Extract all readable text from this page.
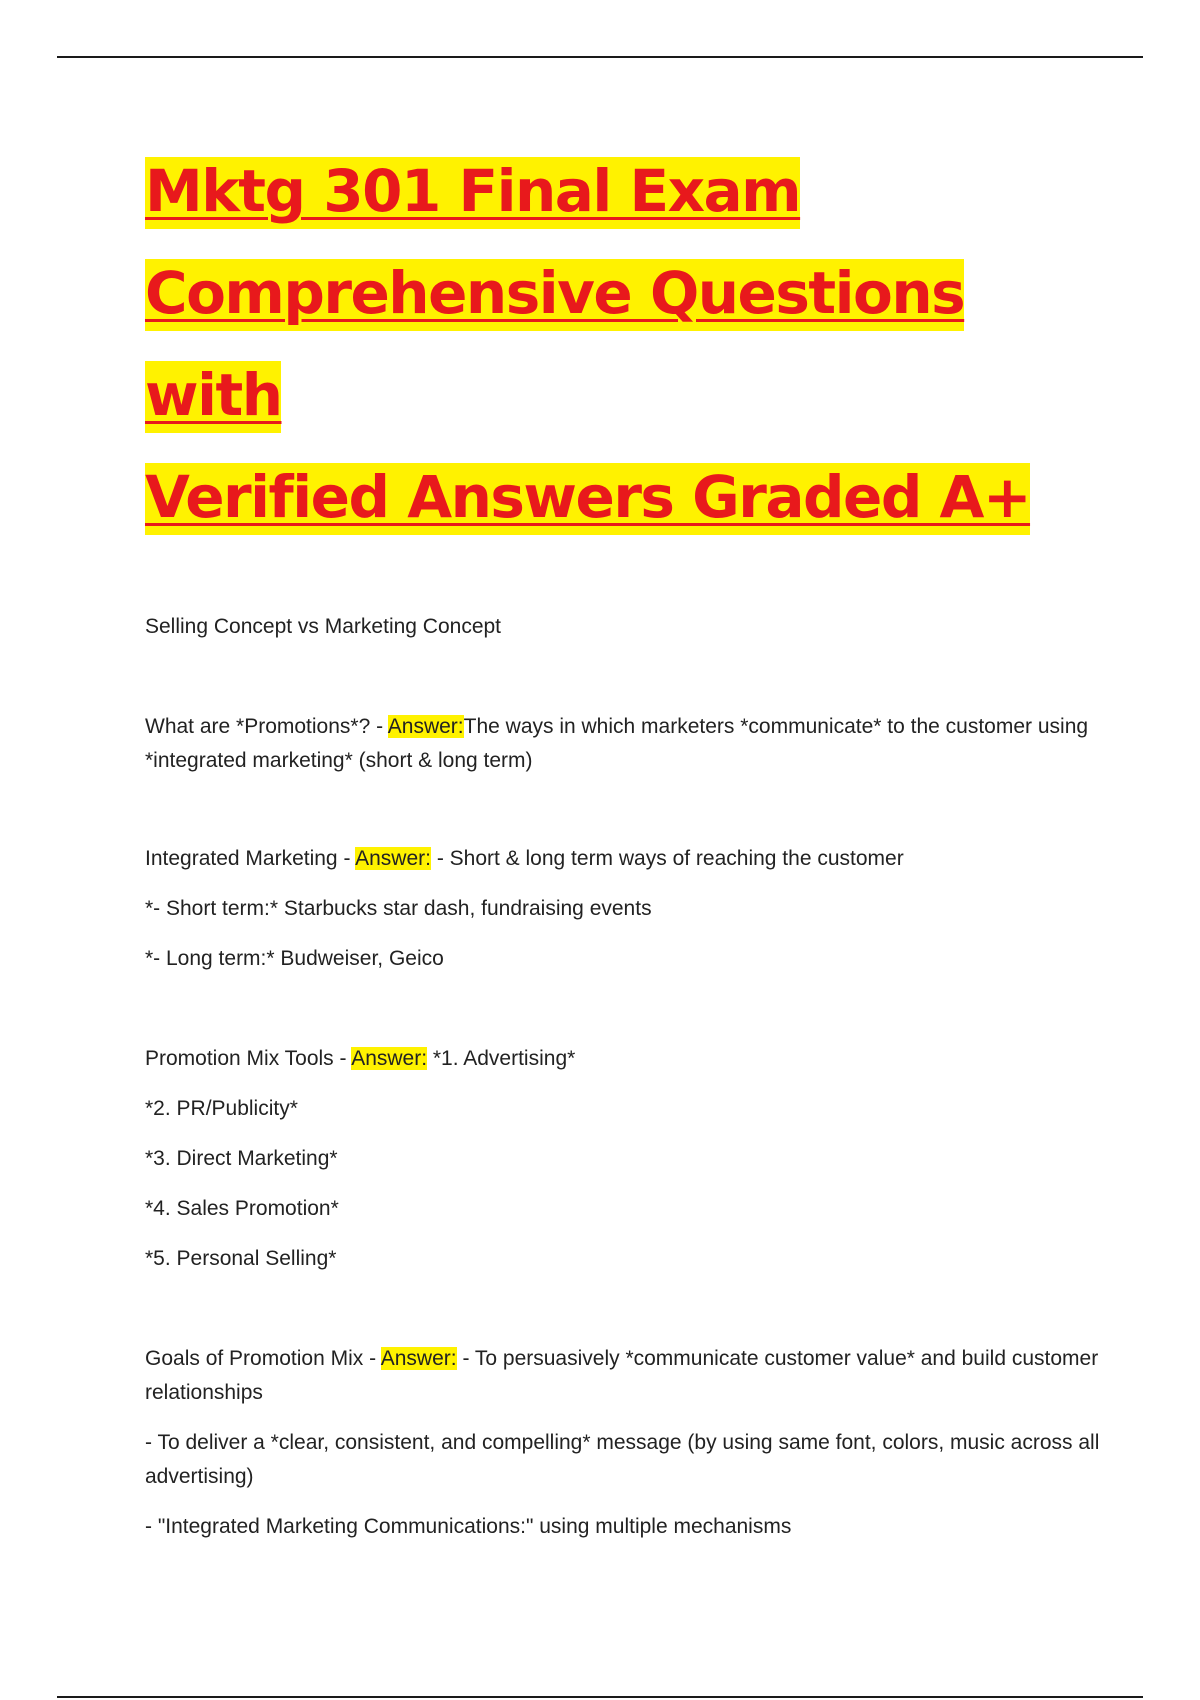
Mktg 301 Final Exam
Comprehensive Questions with
Verified Answers Graded A+

Selling Concept vs Marketing Concept

What are *Promotions*? - Answer:The ways in which marketers *communicate* to the customer using *integrated marketing* (short & long term)

Integrated Marketing - Answer: - Short & long term ways of reaching the customer

*- Short term:* Starbucks star dash, fundraising events

*- Long term:* Budweiser, Geico

Promotion Mix Tools - Answer: *1. Advertising*

*2. PR/Publicity*

*3. Direct Marketing*

*4. Sales Promotion*

*5. Personal Selling*

Goals of Promotion Mix - Answer: - To persuasively *communicate customer value* and build customer relationships

- To deliver a *clear, consistent, and compelling* message (by using same font, colors, music across all advertising)

- "Integrated Marketing Communications:" using multiple mechanisms
